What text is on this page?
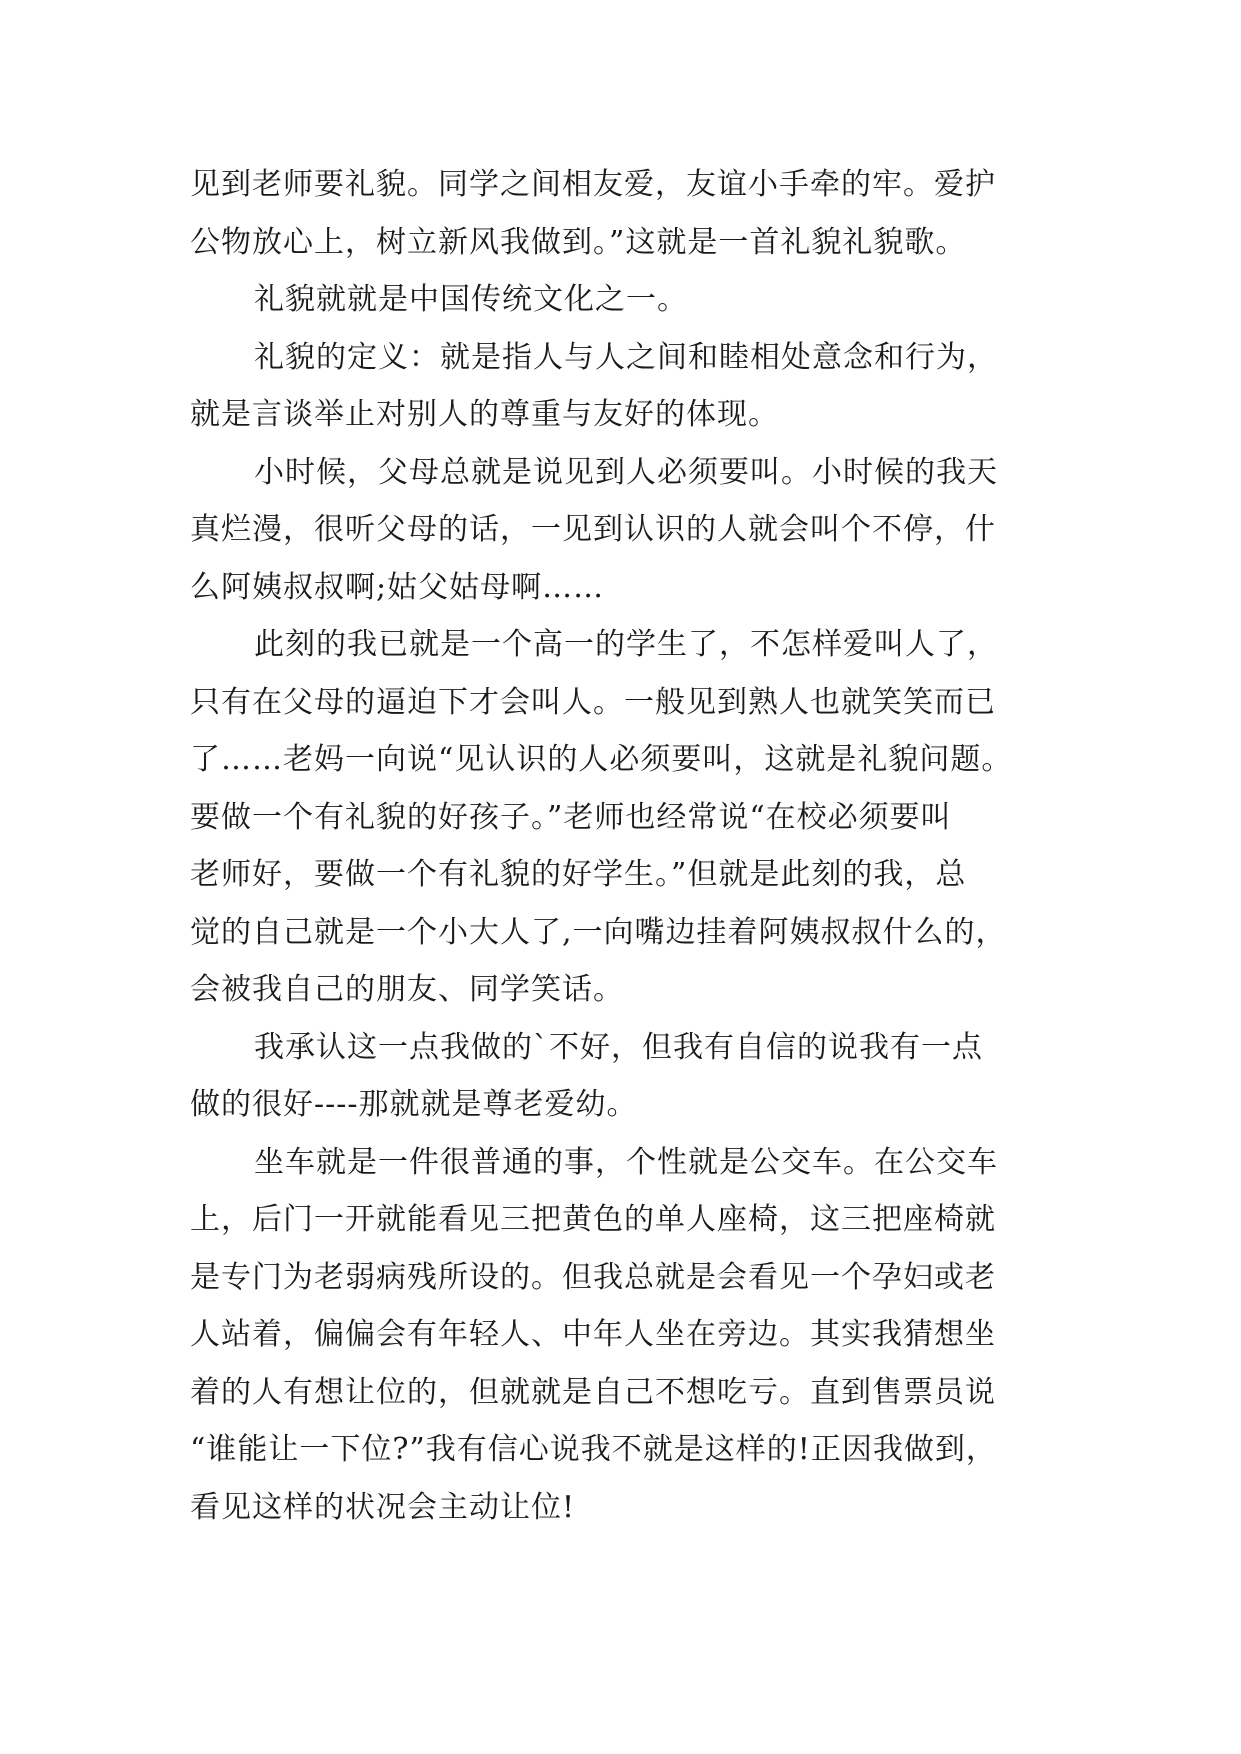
见到老师要礼貌。同学之间相友爱，友谊小手牵的牢。爱护
公物放心上，树立新风我做到。”这就是一首礼貌礼貌歌。
礼貌就就是中国传统文化之一。
礼貌的定义：就是指人与人之间和睦相处意念和行为，
就是言谈举止对别人的尊重与友好的体现。
小时候，父母总就是说见到人必须要叫。小时候的我天
真烂漫，很听父母的话，一见到认识的人就会叫个不停，什
么阿姨叔叔啊;姑父姑母啊……
此刻的我已就是一个高一的学生了，不怎样爱叫人了，
只有在父母的逼迫下才会叫人。一般见到熟人也就笑笑而已
了……老妈一向说“见认识的人必须要叫，这就是礼貌问题。
要做一个有礼貌的好孩子。”老师也经常说“在校必须要叫
老师好，要做一个有礼貌的好学生。”但就是此刻的我，总
觉的自己就是一个小大人了,一向嘴边挂着阿姨叔叔什么的，
会被我自己的朋友、同学笑话。
我承认这一点我做的`不好，但我有自信的说我有一点
做的很好----那就就是尊老爱幼。
坐车就是一件很普通的事，个性就是公交车。在公交车
上，后门一开就能看见三把黄色的单人座椅，这三把座椅就
是专门为老弱病残所设的。但我总就是会看见一个孕妇或老
人站着，偏偏会有年轻人、中年人坐在旁边。其实我猜想坐
着的人有想让位的，但就就是自己不想吃亏。直到售票员说
“谁能让一下位?”我有信心说我不就是这样的!正因我做到，
看见这样的状况会主动让位!
